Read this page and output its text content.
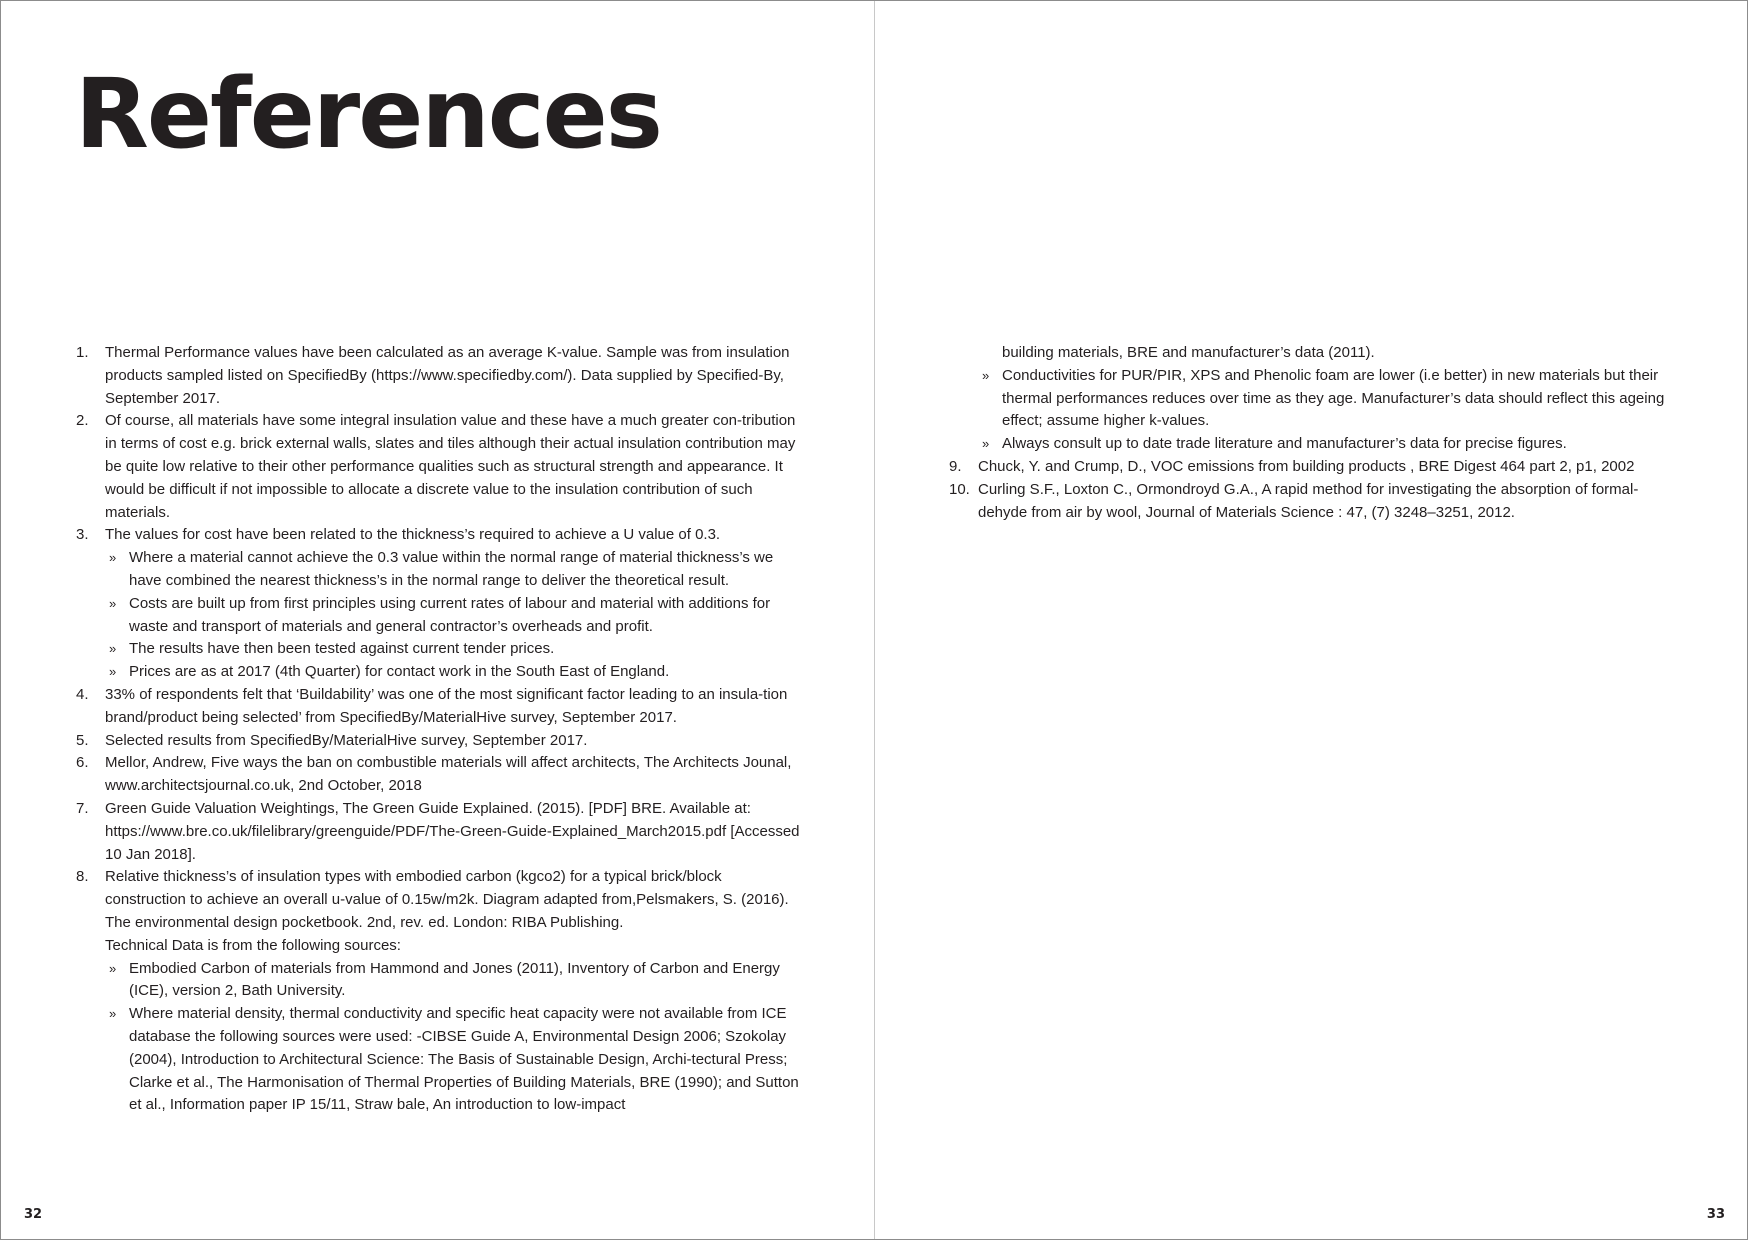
References
1. Thermal Performance values have been calculated as an average K-value. Sample was from insulation products sampled listed on SpecifiedBy (https://www.specifiedby.com/). Data supplied by Specified-By, September 2017.
2. Of course, all materials have some integral insulation value and these have a much greater con-tribution in terms of cost e.g. brick external walls, slates and tiles although their actual insulation contribution may be quite low relative to their other performance qualities such as structural strength and appearance. It would be difficult if not impossible to allocate a discrete value to the insulation contribution of such materials.
3. The values for cost have been related to the thickness’s required to achieve a U value of 0.3.
» Where a material cannot achieve the 0.3 value within the normal range of material thickness’s we have combined the nearest thickness’s in the normal range to deliver the theoretical result.
» Costs are built up from first principles using current rates of labour and material with additions for waste and transport of materials and general contractor’s overheads and profit.
» The results have then been tested against current tender prices.
» Prices are as at 2017 (4th Quarter) for contact work in the South East of England.
4. 33% of respondents felt that ‘Buildability’ was one of the most significant factor leading to an insula-tion brand/product being selected’ from SpecifiedBy/MaterialHive survey, September 2017.
5. Selected results from SpecifiedBy/MaterialHive survey, September 2017.
6. Mellor, Andrew, Five ways the ban on combustible materials will affect architects, The Architects Jounal, www.architectsjournal.co.uk, 2nd October, 2018
7. Green Guide Valuation Weightings, The Green Guide Explained. (2015). [PDF] BRE. Available at: https://www.bre.co.uk/filelibrary/greenguide/PDF/The-Green-Guide-Explained_March2015.pdf [Accessed 10 Jan 2018].
8. Relative thickness’s of insulation types with embodied carbon (kgco2) for a typical brick/block construction to achieve an overall u-value of 0.15w/m2k. Diagram adapted from,Pelsmakers, S. (2016). The environmental design pocketbook. 2nd, rev. ed. London: RIBA Publishing.
Technical Data is from the following sources:
» Embodied Carbon of materials from Hammond and Jones (2011), Inventory of Carbon and Energy (ICE), version 2, Bath University.
» Where material density, thermal conductivity and specific heat capacity were not available from ICE database the following sources were used: -CIBSE Guide A, Environmental Design 2006; Szokolay (2004), Introduction to Architectural Science: The Basis of Sustainable Design, Archi-tectural Press; Clarke et al., The Harmonisation of Thermal Properties of Building Materials, BRE (1990); and Sutton et al., Information paper IP 15/11, Straw bale, An introduction to low-impact
32
building materials, BRE and manufacturer’s data (2011).
» Conductivities for PUR/PIR, XPS and Phenolic foam are lower (i.e better) in new materials but their thermal performances reduces over time as they age. Manufacturer’s data should reflect this ageing effect; assume higher k-values.
» Always consult up to date trade literature and manufacturer’s data for precise figures.
9. Chuck, Y. and Crump, D., VOC emissions from building products , BRE Digest 464 part 2, p1, 2002
10. Curling S.F., Loxton C., Ormondroyd G.A., A rapid method for investigating the absorption of formal-dehyde from air by wool, Journal of Materials Science : 47, (7) 3248–3251, 2012.
33
